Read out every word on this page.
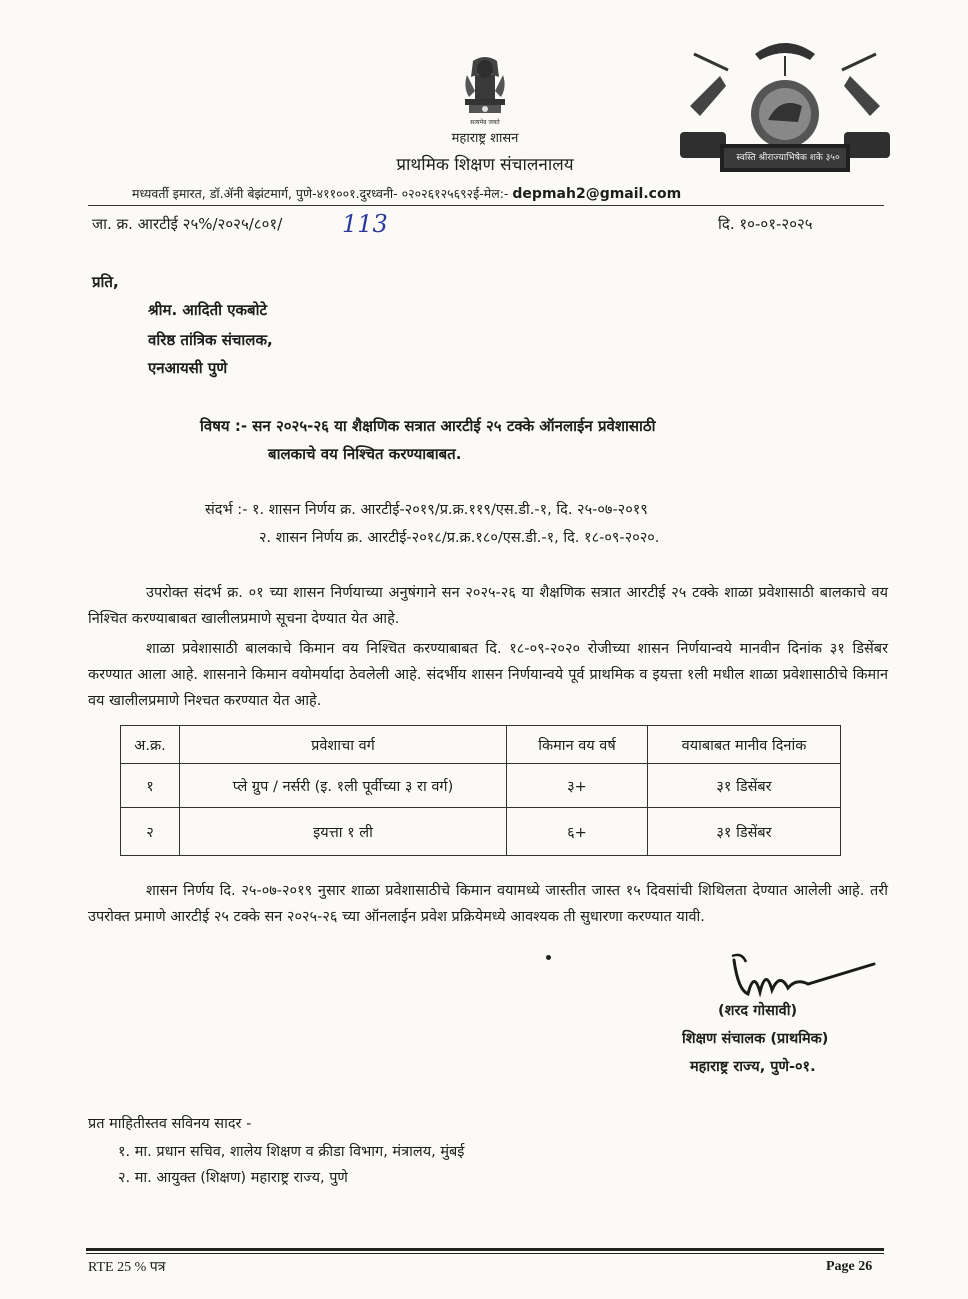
सत्यमेव जयते
स्वस्ति श्रीराज्याभिषेक शके ३५०
महाराष्ट्र शासन
प्राथमिक शिक्षण संचालनालय
मध्यवर्ती इमारत, डॉ.ॲनी बेझंटमार्ग, पुणे-४११००१.दुरध्वनी- ०२०२६१२५६९२ई-मेल:- depmah2@gmail.com
जा. क्र. आरटीई २५%/२०२५/८०१/ 113	दि. १०-०१-२०२५
प्रति,
श्रीम. आदिती एकबोटे
वरिष्ठ तांत्रिक संचालक,
एनआयसी पुणे
विषय :- सन २०२५-२६ या शैक्षणिक सत्रात आरटीई २५ टक्के ऑनलाईन प्रवेशासाठी
बालकाचे वय निश्चित करण्याबाबत.
संदर्भ :- १. शासन निर्णय क्र. आरटीई-२०१९/प्र.क्र.११९/एस.डी.-१, दि. २५-०७-२०१९
२. शासन निर्णय क्र. आरटीई-२०१८/प्र.क्र.१८०/एस.डी.-१, दि. १८-०९-२०२०.
उपरोक्त संदर्भ क्र. ०१ च्या शासन निर्णयाच्या अनुषंगाने सन २०२५-२६ या शैक्षणिक सत्रात आरटीई २५ टक्के शाळा प्रवेशासाठी बालकाचे वय निश्चित करण्याबाबत खालीलप्रमाणे सूचना देण्यात येत आहे.
शाळा प्रवेशासाठी बालकाचे किमान वय निश्चित करण्याबाबत दि. १८-०९-२०२० रोजीच्या शासन निर्णयान्वये मानवीन दिनांक ३१ डिसेंबर करण्यात आला आहे. शासनाने किमान वयोमर्यादा ठेवलेली आहे. संदर्भीय शासन निर्णयान्वये पूर्व प्राथमिक व इयत्ता १ली मधील शाळा प्रवेशासाठीचे किमान वय खालीलप्रमाणे निश्चत करण्यात येत आहे.
अ.क्र.	प्रवेशाचा वर्ग	किमान वय वर्ष	वयाबाबत मानीव दिनांक
१	प्ले ग्रुप / नर्सरी (इ. १ली पूर्वीच्या ३ रा वर्ग)	३+	३१ डिसेंबर
२	इयत्ता १ ली	६+	३१ डिसेंबर
शासन निर्णय दि. २५-०७-२०१९ नुसार शाळा प्रवेशासाठीचे किमान वयामध्ये जास्तीत जास्त १५ दिवसांची शिथिलता देण्यात आलेली आहे. तरी उपरोक्त प्रमाणे आरटीई २५ टक्के सन २०२५-२६ च्या ऑनलाईन प्रवेश प्रक्रियेमध्ये आवश्यक ती सुधारणा करण्यात यावी.
(शरद गोसावी)
शिक्षण संचालक (प्राथमिक)
महाराष्ट्र राज्य, पुणे-०१.
प्रत माहितीस्तव सविनय सादर -
१. मा. प्रधान सचिव, शालेय शिक्षण व क्रीडा विभाग, मंत्रालय, मुंबई
२. मा. आयुक्त (शिक्षण) महाराष्ट्र राज्य, पुणे
RTE 25 % पत्र	Page 26
